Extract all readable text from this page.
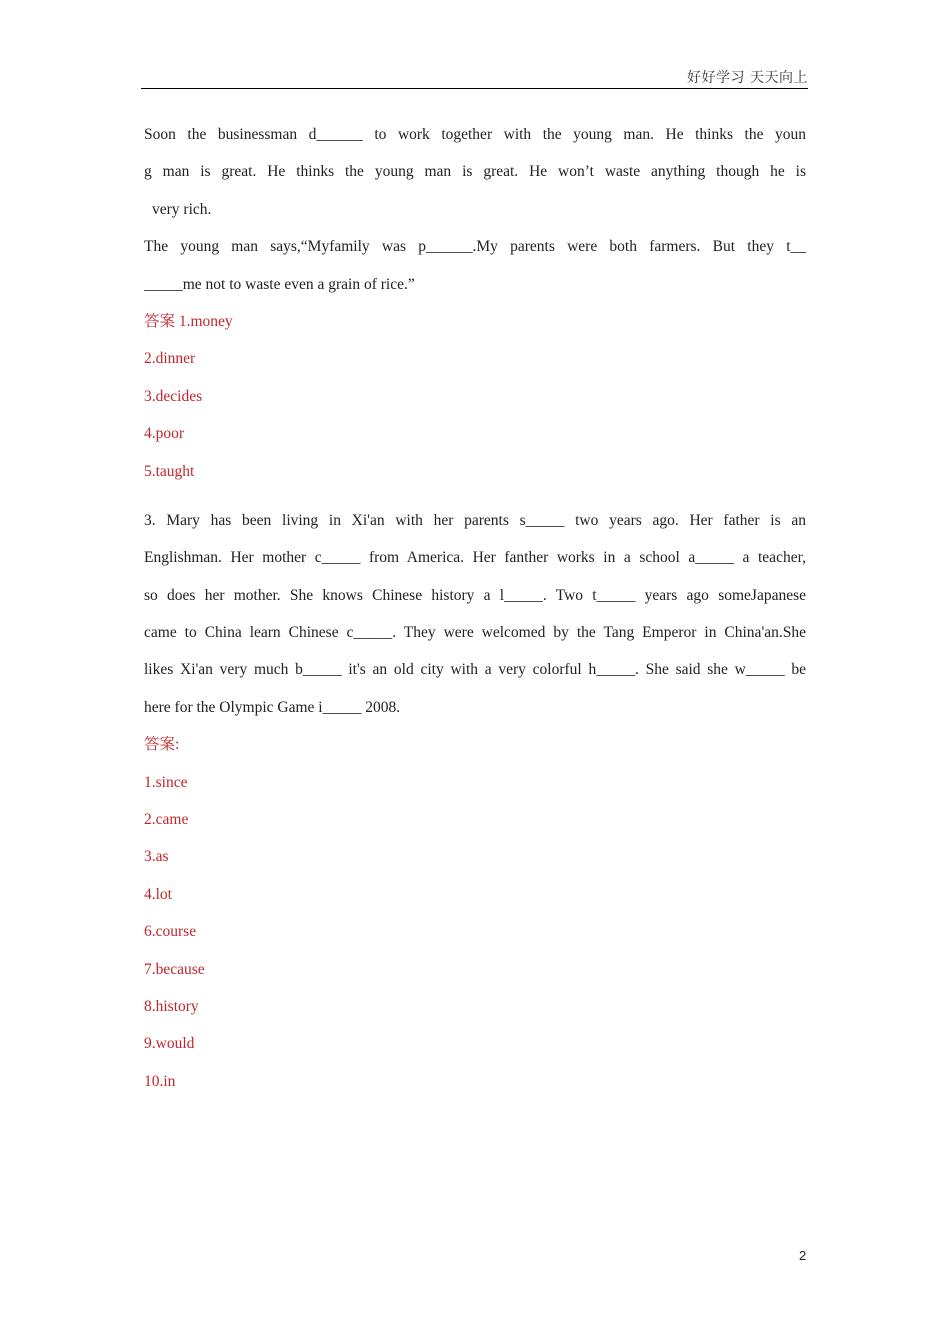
好好学习 天天向上
Soon the businessman d______ to work together with the young man. He thinks the youn
g man is great. He thinks the young man is great. He won’t waste anything though he is
very rich.
The young man says,“Myfamily was p______.My parents were both farmers. But they t__
_____me not to waste even a grain of rice.”
答案 1.money
2.dinner
3.decides
4.poor
5.taught
3. Mary has been living in Xi'an with her parents s_____ two years ago. Her father is an
Englishman. Her mother c_____ from America. Her fanther works in a school a_____ a teacher,
so does her mother. She knows Chinese history a l_____. Two t_____ years ago someJapanese
came to China learn Chinese c_____. They were welcomed by the Tang Emperor in China'an.She
likes Xi'an very much b_____ it's an old city with a very colorful h_____. She said she w_____ be
here for the Olympic Game i_____ 2008.
答案:
1.since
2.came
3.as
4.lot
6.course
7.because
8.history
9.would
10.in
2
